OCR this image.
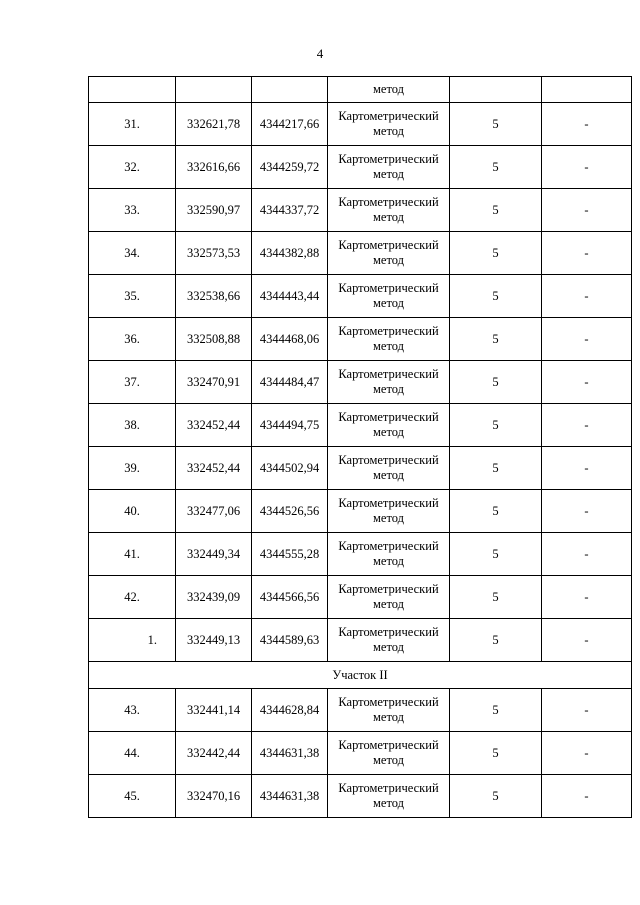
4
			метод		
31.	332621,78	4344217,66	Картометрический метод	5	-
32.	332616,66	4344259,72	Картометрический метод	5	-
33.	332590,97	4344337,72	Картометрический метод	5	-
34.	332573,53	4344382,88	Картометрический метод	5	-
35.	332538,66	4344443,44	Картометрический метод	5	-
36.	332508,88	4344468,06	Картометрический метод	5	-
37.	332470,91	4344484,47	Картометрический метод	5	-
38.	332452,44	4344494,75	Картометрический метод	5	-
39.	332452,44	4344502,94	Картометрический метод	5	-
40.	332477,06	4344526,56	Картометрический метод	5	-
41.	332449,34	4344555,28	Картометрический метод	5	-
42.	332439,09	4344566,56	Картометрический метод	5	-
1.	332449,13	4344589,63	Картометрический метод	5	-
Участок II					
43.	332441,14	4344628,84	Картометрический метод	5	-
44.	332442,44	4344631,38	Картометрический метод	5	-
45.	332470,16	4344631,38	Картометрический метод	5	-
